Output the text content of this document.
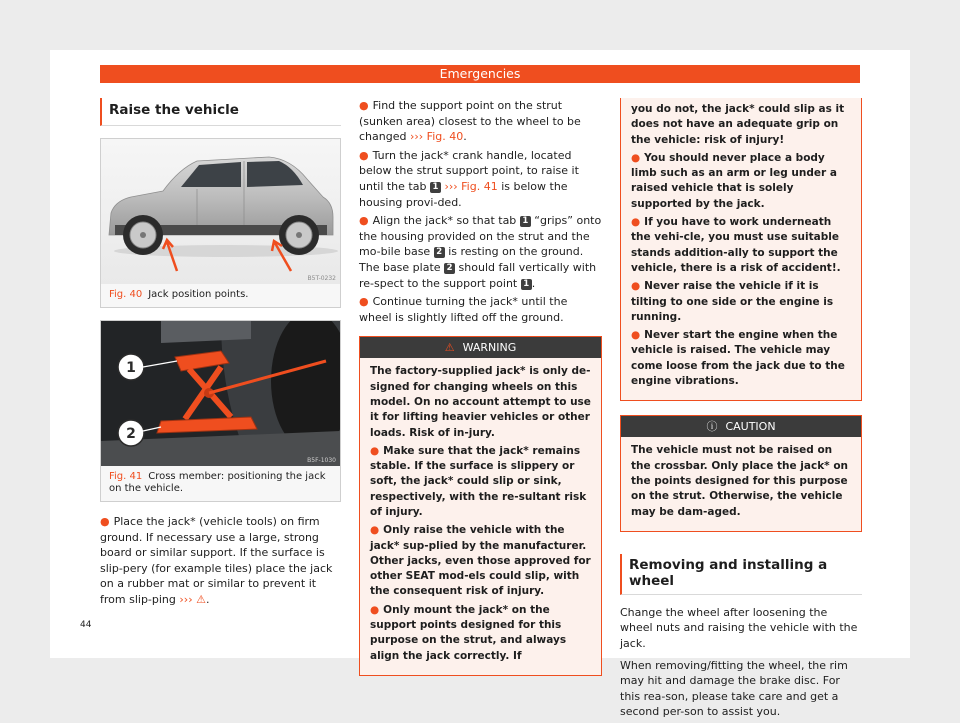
Emergencies
Raise the vehicle
B5T-0232
Fig. 40 Jack position points.
1
2
B5F-1030
Fig. 41 Cross member: positioning the jack on the vehicle.

● Place the jack* (vehicle tools) on firm ground. If necessary use a large, strong board or similar support. If the surface is slip-pery (for example tiles) place the jack on a rubber mat or similar to prevent it from slip-ping ››› ⚠.

● Find the support point on the strut (sunken area) closest to the wheel to be changed ››› Fig. 40.

● Turn the jack* crank handle, located below the strut support point, to raise it until the tab 1 ››› Fig. 41 is below the housing provi-ded.

● Align the jack* so that tab 1 “grips” onto the housing provided on the strut and the mo-bile base 2 is resting on the ground. The base plate 2 should fall vertically with re-spect to the support point 1 .

● Continue turning the jack* until the wheel is slightly lifted off the ground.

⚠ WARNING

The factory-supplied jack* is only de-signed for changing wheels on this model. On no account attempt to use it for lifting heavier vehicles or other loads. Risk of in-jury.

● Make sure that the jack* remains stable. If the surface is slippery or soft, the jack* could slip or sink, respectively, with the re-sultant risk of injury.

● Only raise the vehicle with the jack* sup-plied by the manufacturer. Other jacks, even those approved for other SEAT mod-els could slip, with the consequent risk of injury.

● Only mount the jack* on the support points designed for this purpose on the strut, and always align the jack correctly. If

you do not, the jack* could slip as it does not have an adequate grip on the vehicle: risk of injury!

● You should never place a body limb such as an arm or leg under a raised vehicle that is solely supported by the jack.

● If you have to work underneath the vehi-cle, you must use suitable stands addition-ally to support the vehicle, there is a risk of accident!.

● Never raise the vehicle if it is tilting to one side or the engine is running.

● Never start the engine when the vehicle is raised. The vehicle may come loose from the jack due to the engine vibrations.

ⓘ CAUTION

The vehicle must not be raised on the crossbar. Only place the jack* on the points designed for this purpose on the strut. Otherwise, the vehicle may be dam-aged.

Removing and installing a wheel

Change the wheel after loosening the wheel nuts and raising the vehicle with the jack.

When removing/fitting the wheel, the rim may hit and damage the brake disc. For this rea-son, please take care and get a second per-son to assist you.

44
